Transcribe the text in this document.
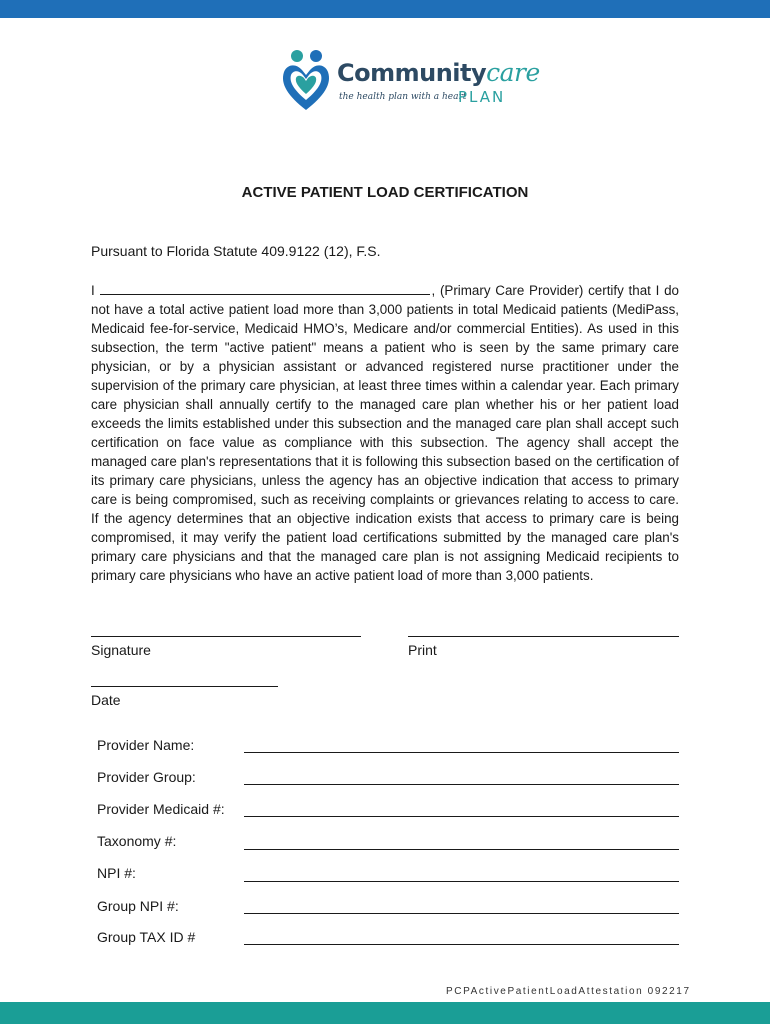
Communitycare
the health plan with a heart
PLAN
ACTIVE PATIENT LOAD CERTIFICATION
Pursuant to Florida Statute 409.9122 (12), F.S.

I	, (Primary Care Provider) certify that I do not have a total active patient load more than 3,000 patients in total Medicaid patients (MediPass, Medicaid fee-for-service, Medicaid HMO’s, Medicare and/or commercial Entities). As used in this subsection, the term "active patient" means a patient who is seen by the same primary care physician, or by a physician assistant or advanced registered nurse practitioner under the supervision of the primary care physician, at least three times within a calendar year. Each primary care physician shall annually certify to the managed care plan whether his or her patient load exceeds the limits established under this subsection and the managed care plan shall accept such certification on face value as compliance with this subsection. The agency shall accept the managed care plan's representations that it is following this subsection based on the certification of its primary care physicians, unless the agency has an objective indication that access to primary care is being compromised, such as receiving complaints or grievances relating to access to care. If the agency determines that an objective indication exists that access to primary care is being compromised, it may verify the patient load certifications submitted by the managed care plan's primary care physicians and that the managed care plan is not assigning Medicaid recipients to primary care physicians who have an active patient load of more than 3,000 patients.

Signature	Print
Date
Provider Name:
Provider Group:
Provider Medicaid #:
Taxonomy #:
NPI #:
Group NPI #:
Group TAX ID #
PCPActivePatientLoadAttestation 092217
